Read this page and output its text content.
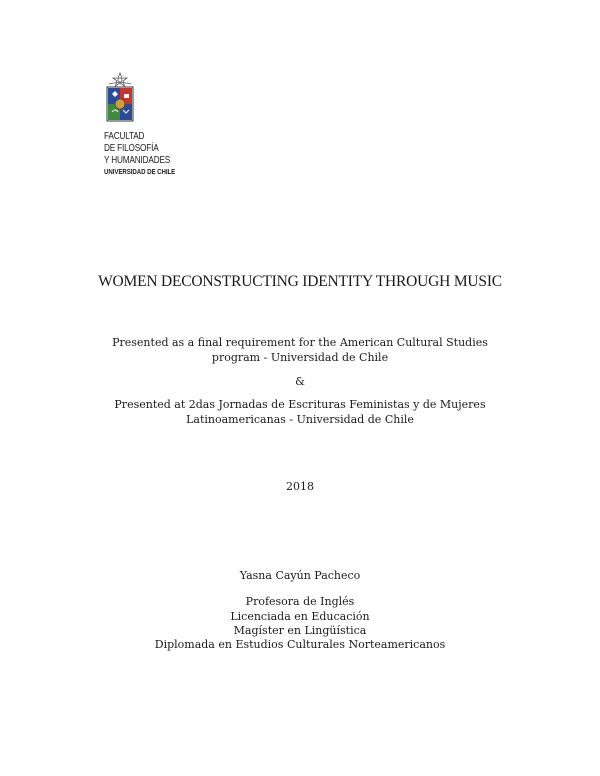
FACULTAD
DE FILOSOFÍA
Y HUMANIDADES
UNIVERSIDAD DE CHILE
WOMEN DECONSTRUCTING IDENTITY THROUGH MUSIC
Presented as a final requirement for the American Cultural Studies
program - Universidad de Chile
&
Presented at 2das Jornadas de Escrituras Feministas y de Mujeres
Latinoamericanas - Universidad de Chile
2018
Yasna Cayún Pacheco
Profesora de Inglés
Licenciada en Educación
Magíster en Lingüística
Diplomada en Estudios Culturales Norteamericanos
